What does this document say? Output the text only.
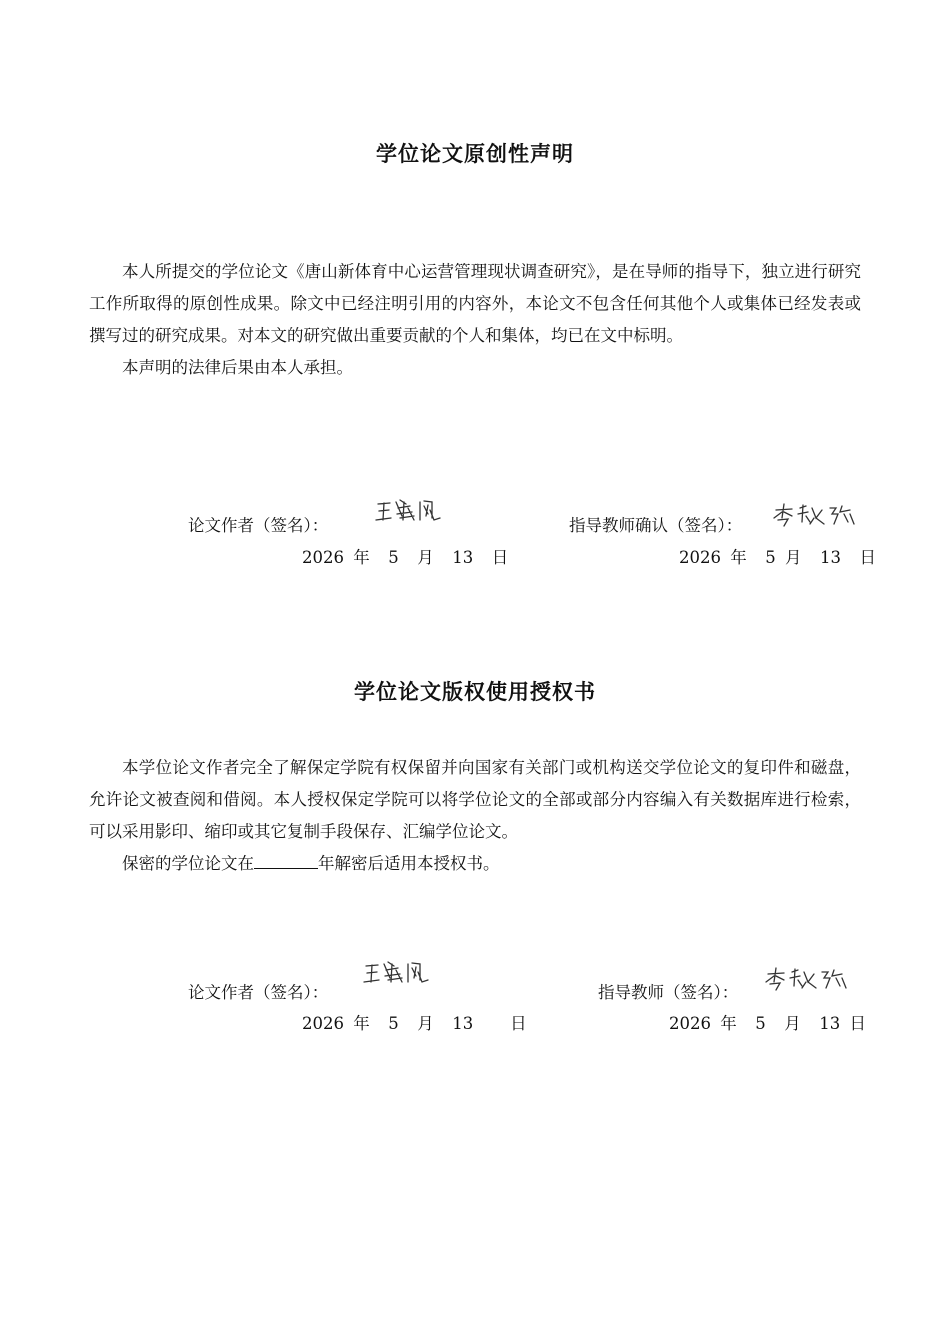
学位论文原创性声明

本人所提交的学位论文《唐山新体育中心运营管理现状调查研究》，是在导师的指导下，独立进行研究工作所取得的原创性成果。除文中已经注明引用的内容外，本论文不包含任何其他个人或集体已经发表或撰写过的研究成果。对本文的研究做出重要贡献的个人和集体，均已在文中标明。

本声明的法律后果由本人承担。

论文作者（签名）：
2026 年  5  月  13  日
指导教师确认（签名）：
2026 年  5 月  13  日
学位论文版权使用授权书

本学位论文作者完全了解保定学院有权保留并向国家有关部门或机构送交学位论文的复印件和磁盘，允许论文被查阅和借阅。本人授权保定学院可以将学位论文的全部或部分内容编入有关数据库进行检索，可以采用影印、缩印或其它复制手段保存、汇编学位论文。

保密的学位论文在	年解密后适用本授权书。

论文作者（签名）：
2026 年  5  月  13    日
指导教师（签名）：
2026 年  5  月  13 日
